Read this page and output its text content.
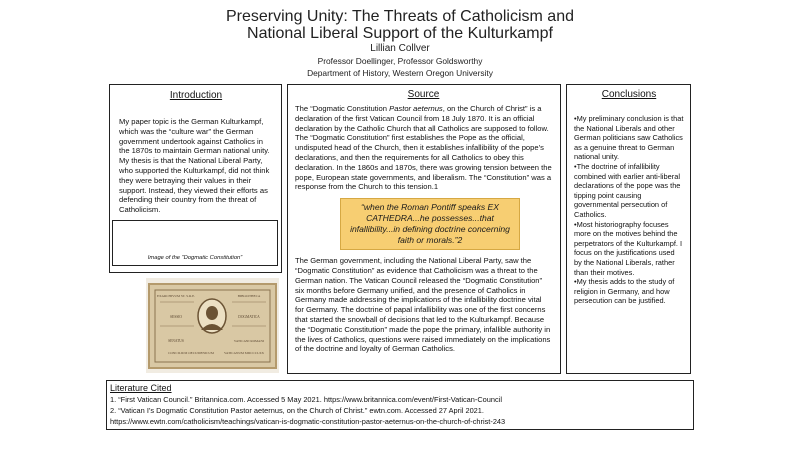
Preserving Unity: The Threats of Catholicism and
National Liberal Support of the Kulturkampf
Lillian Collver
Professor Doellinger, Professor Goldsworthy
Department of History, Western Oregon University
Introduction
My paper topic is the German Kulturkampf, which was the “culture war” the German government undertook against Catholics in the 1870s to maintain German national unity. My thesis is that the National Liberal Party, who supported the Kulturkampf, did not think they were betraying their values in their support. Instead, they viewed their efforts as defending their country from the threat of Catholicism.
Image of the “Dogmatic Constitution”
EXARCHIVUM ST. S.R.E.	BIBLIOTHECA
SESSIO	DOGMATICA
SENATUS	VATICANI ROMANI
CONCILIUM OECUMENICUM	VATICANUM MDCCCLXX
Source
The “Dogmatic Constitution Pastor aeternus, on the Church of Christ” is a declaration of the first Vatican Council from 18 July 1870. It is an official declaration by the Catholic Church that all Catholics are supposed to follow. The “Dogmatic Constitution” first establishes the Pope as the official, undisputed head of the Church, then it establishes infallibility of the pope’s declarations, and then the requirements for all Catholics to obey this declaration. In the 1860s and 1870s, there was growing tension between the pope, European state governments, and liberalism. The “Constitution” was a response from the Church to this tension.1
“when the Roman Pontiff speaks EX CATHEDRA...he possesses...that infallibility...in defining doctrine concerning faith or morals.”2
The German government, including the National Liberal Party, saw the “Dogmatic Constitution” as evidence that Catholicism was a threat to the German nation. The Vatican Council released the “Dogmatic Constitution” six months before Germany unified, and the presence of Catholics in Germany made addressing the implications of the infallibility doctrine vital for Germany. The doctrine of papal infallibility was one of the first concerns that started the snowball of decisions that led to the Kulturkampf. Because the “Dogmatic Constitution” made the pope the primary, infallible authority in the lives of Catholics, questions were raised immediately on the implications of the doctrine and loyalty of German Catholics.
Conclusions
•My preliminary conclusion is that the National Liberals and other German politicians saw Catholics as a genuine threat to German national unity.
•The doctrine of infallibility combined with earlier anti-liberal declarations of the pope was the tipping point causing governmental persecution of Catholics.
•Most historiography focuses more on the motives behind the perpetrators of the Kulturkampf. I focus on the justifications used by the National Liberals, rather than their motives.
•My thesis adds to the study of religion in Germany, and how persecution can be justified.
Literature Cited
1. “First Vatican Council.” Britannica.com. Accessed 5 May 2021. https://www.britannica.com/event/First-Vatican-Council
2. “Vatican I’s Dogmatic Constitution Pastor aeternus, on the Church of Christ.” ewtn.com. Accessed 27 April 2021.
https://www.ewtn.com/catholicism/teachings/vatican-is-dogmatic-constitution-pastor-aeternus-on-the-church-of-christ-243
